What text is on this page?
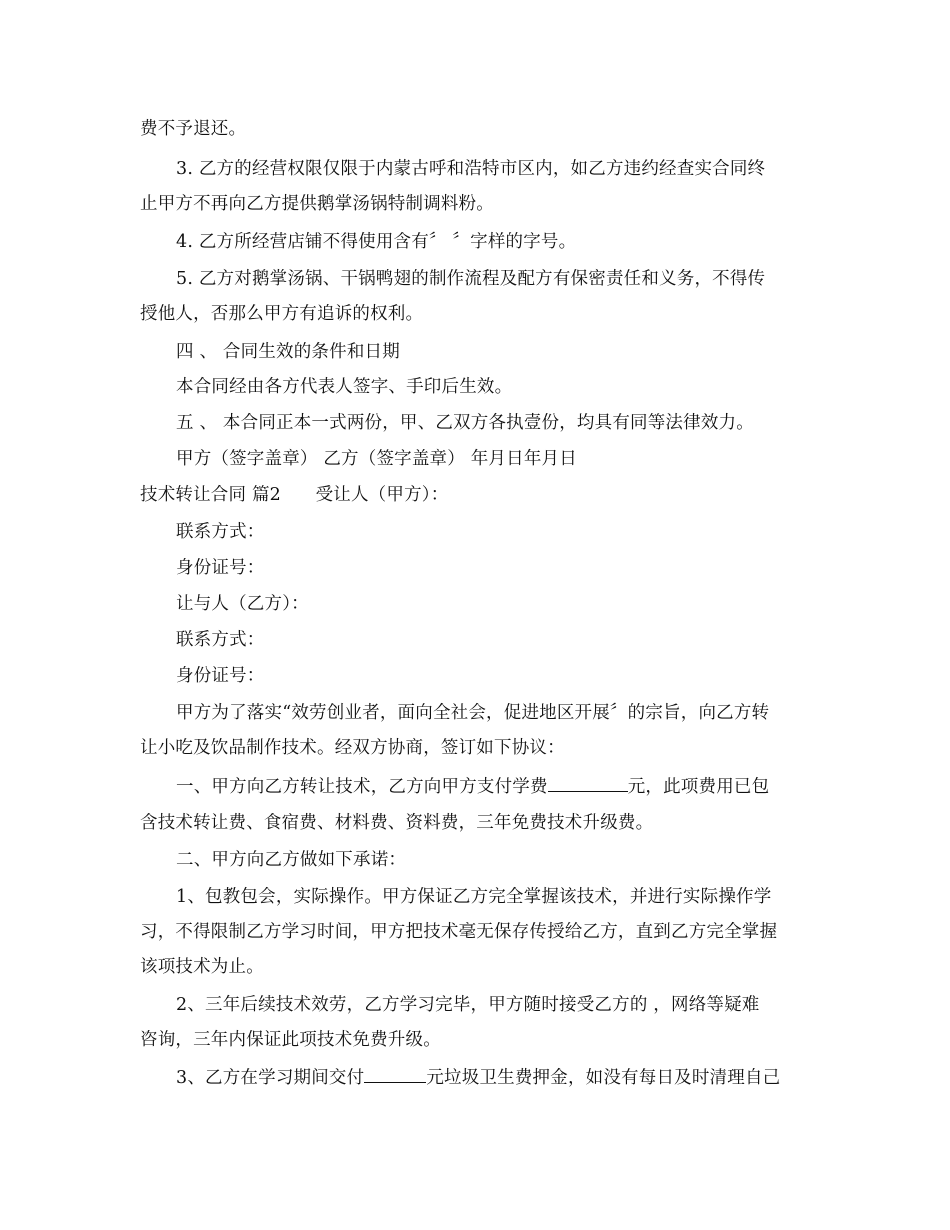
费不予退还。
3. 乙方的经营权限仅限于内蒙古呼和浩特市区内，如乙方违约经查实合同终
止甲方不再向乙方提供鹅掌汤锅特制调料粉。
4. 乙方所经营店铺不得使用含有〞 〞字样的字号。
5. 乙方对鹅掌汤锅、干锅鸭翅的制作流程及配方有保密责任和义务，不得传
授他人，否那么甲方有追诉的权利。
四 、 合同生效的条件和日期
本合同经由各方代表人签字、手印后生效。
五 、 本合同正本一式两份，甲、乙双方各执壹份，均具有同等法律效力。
甲方（签字盖章） 乙方（签字盖章） 年月日年月日
技术转让合同 篇2      受让人（甲方）：
联系方式：
身份证号：
让与人（乙方）：
联系方式：
身份证号：
甲方为了落实“效劳创业者，面向全社会，促进地区开展〞的宗旨，向乙方转
让小吃及饮品制作技术。经双方协商，签订如下协议：
一、甲方向乙方转让技术，乙方向甲方支付学费	元，此项费用已包
含技术转让费、食宿费、材料费、资料费，三年免费技术升级费。
二、甲方向乙方做如下承诺：
1、包教包会，实际操作。甲方保证乙方完全掌握该技术，并进行实际操作学
习，不得限制乙方学习时间，甲方把技术毫无保存传授给乙方，直到乙方完全掌握
该项技术为止。
2、三年后续技术效劳，乙方学习完毕，甲方随时接受乙方的 ，网络等疑难
咨询，三年内保证此项技术免费升级。
3、乙方在学习期间交付	元垃圾卫生费押金，如没有每日及时清理自己
